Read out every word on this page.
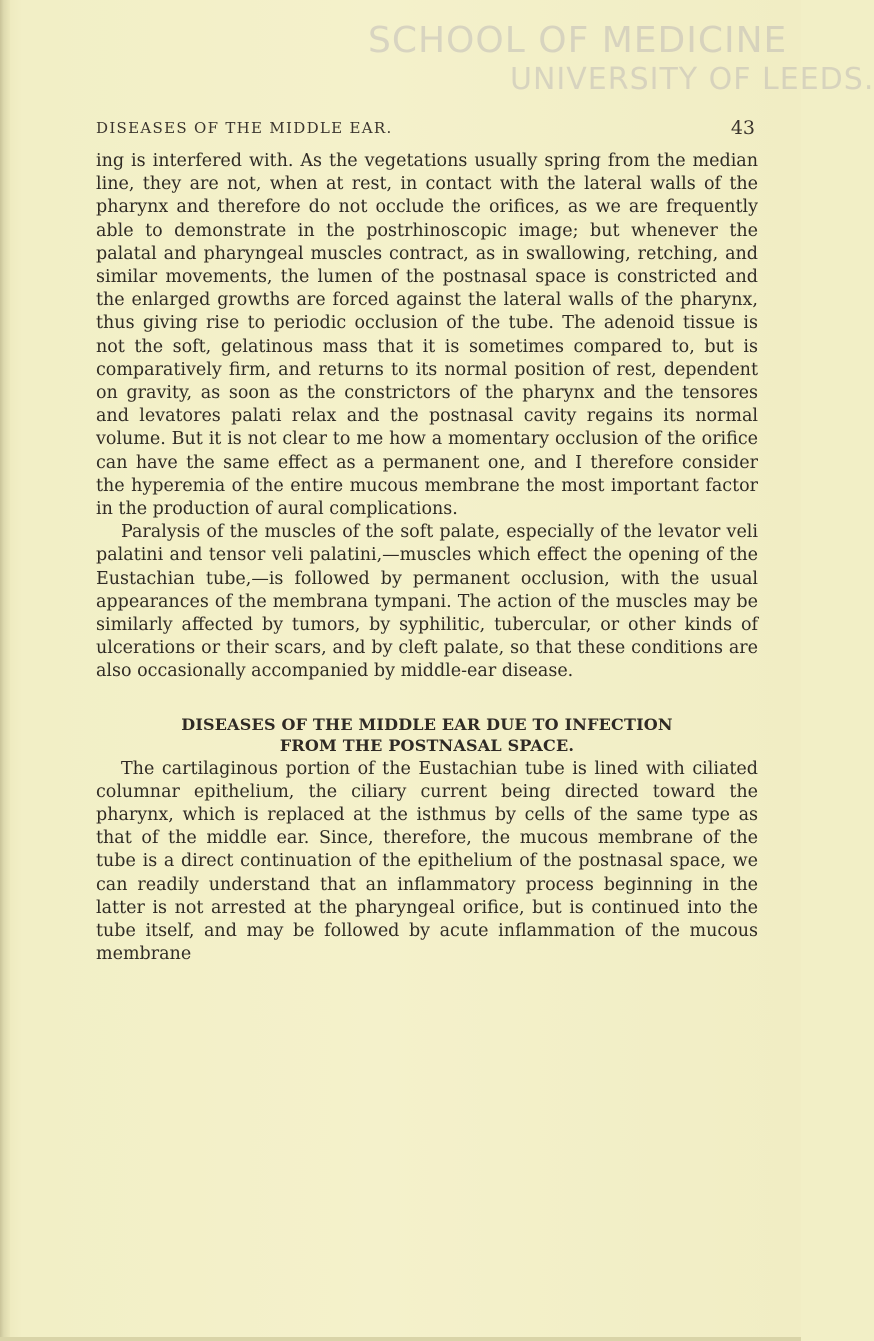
SCHOOL OF MEDICINE
UNIVERSITY OF LEEDS.
DISEASES OF THE MIDDLE EAR.	43

ing is interfered with. As the vegetations usually spring from the median line, they are not, when at rest, in contact with the lateral walls of the pharynx and therefore do not occlude the orifices, as we are frequently able to demonstrate in the postrhinoscopic image; but whenever the palatal and pharyngeal muscles contract, as in swallowing, retching, and similar movements, the lumen of the postnasal space is constricted and the enlarged growths are forced against the lateral walls of the pharynx, thus giving rise to periodic occlusion of the tube. The adenoid tissue is not the soft, gelatinous mass that it is sometimes compared to, but is comparatively firm, and returns to its normal position of rest, dependent on gravity, as soon as the constrictors of the pharynx and the tensores and levatores palati relax and the postnasal cavity regains its normal volume. But it is not clear to me how a momentary occlusion of the orifice can have the same effect as a permanent one, and I therefore consider the hyperemia of the entire mucous membrane the most important factor in the production of aural complications.

Paralysis of the muscles of the soft palate, especially of the levator veli palatini and tensor veli palatini,—muscles which effect the opening of the Eustachian tube,—is followed by permanent occlusion, with the usual appearances of the membrana tympani. The action of the muscles may be similarly affected by tumors, by syphilitic, tubercular, or other kinds of ulcerations or their scars, and by cleft palate, so that these conditions are also occasionally accompanied by middle-ear disease.

DISEASES OF THE MIDDLE EAR DUE TO INFECTION
FROM THE POSTNASAL SPACE.

The cartilaginous portion of the Eustachian tube is lined with ciliated columnar epithelium, the ciliary current being directed toward the pharynx, which is replaced at the isthmus by cells of the same type as that of the middle ear. Since, therefore, the mucous membrane of the tube is a direct continuation of the epithelium of the postnasal space, we can readily understand that an inflammatory process beginning in the latter is not arrested at the pharyngeal orifice, but is continued into the tube itself, and may be followed by acute inflammation of the mucous membrane
